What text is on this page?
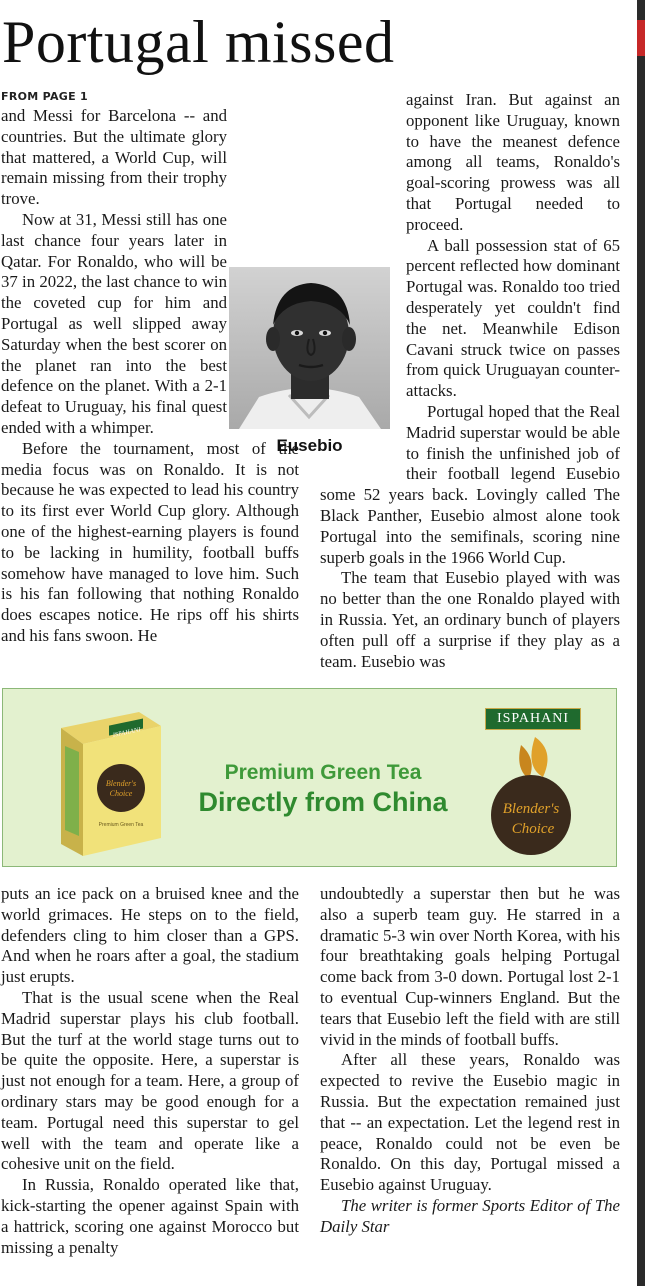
Portugal missed
FROM PAGE 1

and Messi for Barcelona -- and countries. But the ultimate glory that mattered, a World Cup, will remain missing from their trophy trove.

Now at 31, Messi still has one last chance four years later in Qatar. For Ronaldo, who will be 37 in 2022, the last chance to win the coveted cup for him and Portugal as well slipped away Saturday when the best scorer on the planet ran into the best defence on the planet. With a 2-1 defeat to Uruguay, his final quest ended with a whimper.

Before the tournament, most of the media focus was on Ronaldo. It is not because he was expected to lead his country to its first ever World Cup glory. Although one of the highest-earning players is found to be lacking in humility, football buffs somehow have managed to love him. Such is his fan following that nothing Ronaldo does escapes notice. He rips off his shirts and his fans swoon. He

against Iran. But against an opponent like Uruguay, known to have the meanest defence among all teams, Ronaldo's goal-scoring prowess was all that Portugal needed to proceed.

A ball possession stat of 65 percent reflected how dominant Portugal was. Ronaldo too tried desperately yet couldn't find the net. Meanwhile Edison Cavani struck twice on passes from quick Uruguayan counter-attacks.

Portugal hoped that the Real Madrid superstar would be able to finish the unfinished job of their football legend Eusebio some 52 years back. Lovingly called The Black Panther, Eusebio almost alone took Portugal into the semifinals, scoring nine superb goals in the 1966 World Cup.

The team that Eusebio played with was no better than the one Ronaldo played with in Russia. Yet, an ordinary bunch of players often pull off a surprise if they play as a team. Eusebio was

Eusebio
ISPAHANI
Blender's
Choice
Premium Green Tea
Premium Green Tea
Directly from China
ISPAHANI
Blender's
Choice

puts an ice pack on a bruised knee and the world grimaces. He steps on to the field, defenders cling to him closer than a GPS. And when he roars after a goal, the stadium just erupts.

That is the usual scene when the Real Madrid superstar plays his club football. But the turf at the world stage turns out to be quite the opposite. Here, a superstar is just not enough for a team. Here, a group of ordinary stars may be good enough for a team. Portugal need this superstar to gel well with the team and operate like a cohesive unit on the field.

In Russia, Ronaldo operated like that, kick-starting the opener against Spain with a hattrick, scoring one against Morocco but missing a penalty

undoubtedly a superstar then but he was also a superb team guy. He starred in a dramatic 5-3 win over North Korea, with his four breathtaking goals helping Portugal come back from 3-0 down. Portugal lost 2-1 to eventual Cup-winners England. But the tears that Eusebio left the field with are still vivid in the minds of football buffs.

After all these years, Ronaldo was expected to revive the Eusebio magic in Russia. But the expectation remained just that -- an expectation. Let the legend rest in peace, Ronaldo could not be even be Ronaldo. On this day, Portugal missed a Eusebio against Uruguay.

The writer is former Sports Editor of The Daily Star
